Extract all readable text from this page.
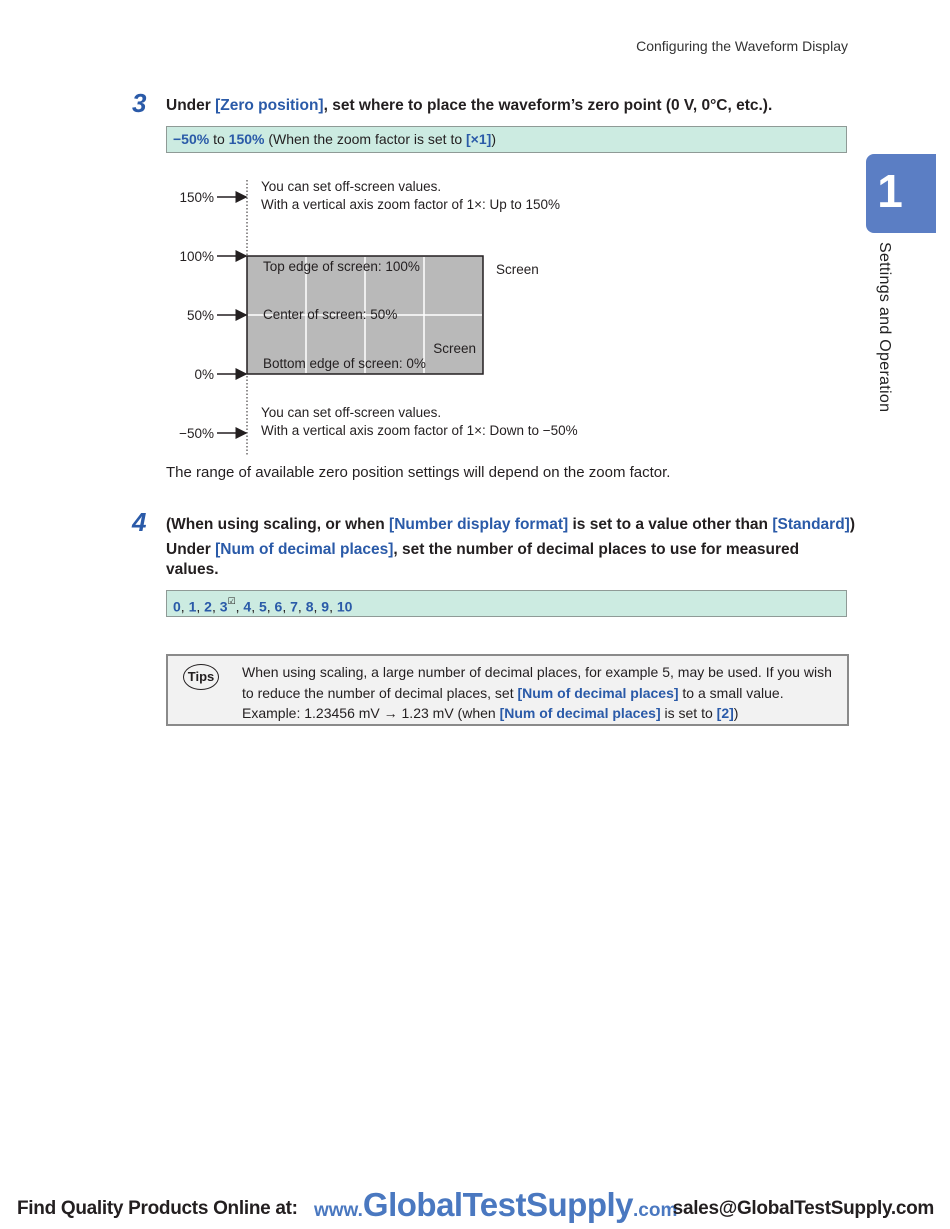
Configuring the Waveform Display
1
Settings and Operation
3 Under [Zero position], set where to place the waveform’s zero point (0 V, 0°C, etc.).
−50% to 150% (When the zoom factor is set to [×1])
150%
100%
50%
0%
−50%
You can set off-screen values.
With a vertical axis zoom factor of 1×: Up to 150%
Top edge of screen: 100%
Center of screen: 50%
Bottom edge of screen: 0%
Screen
Screen
You can set off-screen values.
With a vertical axis zoom factor of 1×: Down to −50%
The range of available zero position settings will depend on the zoom factor.
4 (When using scaling, or when [Number display format] is set to a value other than [Standard])
Under [Num of decimal places], set the number of decimal places to use for measured values.
0, 1, 2, 3☑, 4, 5, 6, 7, 8, 9, 10
Tips	When using scaling, a large number of decimal places, for example 5, may be used. If you wish
to reduce the number of decimal places, set [Num of decimal places] to a small value.
Example: 1.23456 mV → 1.23 mV (when [Num of decimal places] is set to [2])
Find Quality Products Online at: www.GlobalTestSupply.com
sales@GlobalTestSupply.com
